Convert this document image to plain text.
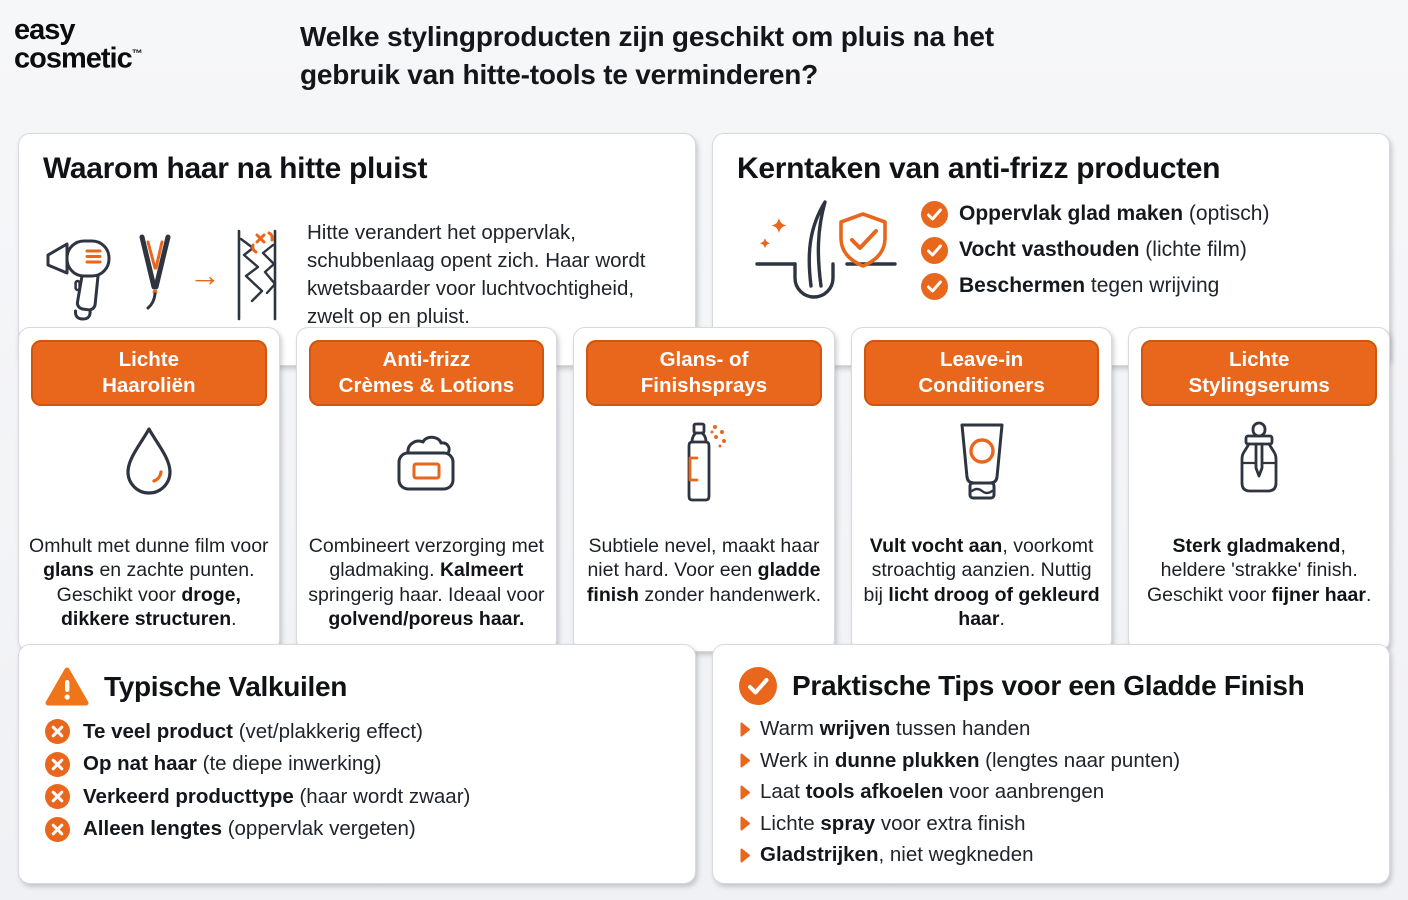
easy
cosmetic™
Welke stylingproducten zijn geschikt om pluis na het
gebruik van hitte-tools te verminderen?
Waarom haar na hitte pluist
→

Hitte verandert het oppervlak, schubbenlaag opent zich. Haar wordt kwetsbaarder voor luchtvochtigheid, zwelt op en pluist.

Kerntaken van anti-frizz producten
Oppervlak glad maken (optisch)
Vocht vasthouden (lichte film)
Beschermen tegen wrijving
Lichte
Haaroliën

Omhult met dunne film voor glans en zachte punten. Geschikt voor droge, dikkere structuren.

Anti-frizz
Crèmes & Lotions

Combineert verzorging met gladmaking. Kalmeert springerig haar. Ideaal voor golvend/poreus haar.

Glans- of
Finishsprays

Subtiele nevel, maakt haar niet hard. Voor een gladde finish zonder handenwerk.

Leave-in
Conditioners

Vult vocht aan, voorkomt stroachtig aanzien. Nuttig bij licht droog of gekleurd haar.

Lichte
Stylingserums

Sterk gladmakend, heldere 'strakke' finish. Geschikt voor fijner haar.

Typische Valkuilen
Te veel product (vet/plakkerig effect)
Op nat haar (te diepe inwerking)
Verkeerd producttype (haar wordt zwaar)
Alleen lengtes (oppervlak vergeten)
Praktische Tips voor een Gladde Finish
Warm wrijven tussen handen
Werk in dunne plukken (lengtes naar punten)
Laat tools afkoelen voor aanbrengen
Lichte spray voor extra finish
Gladstrijken, niet wegkneden
